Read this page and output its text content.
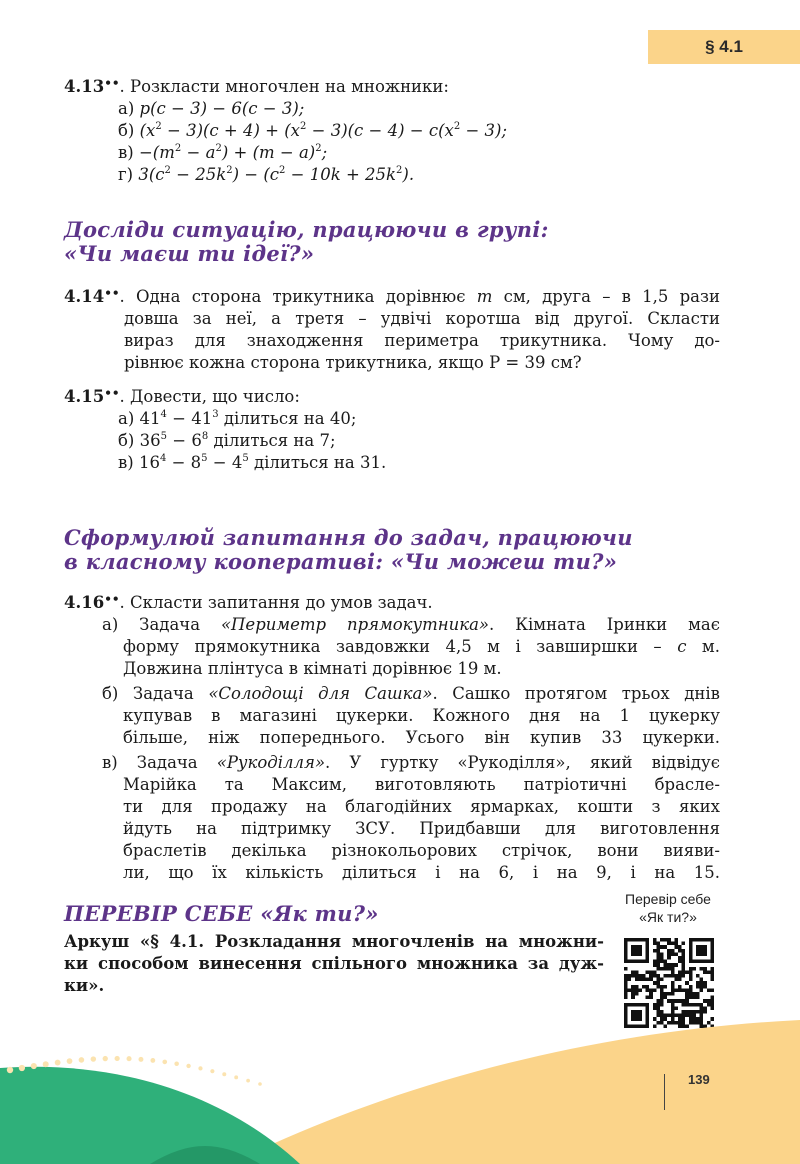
§ 4.1
4.13••. Розкласти многочлен на множники:
а) p(c − 3) − 6(c − 3);
б) $(x^2 - 3)(c + 4) + (x^2 - 3)(c - 4) - c(x^2 - 3)$;
$в) -(m^2 - a^2) + (m - a)^2$;
г) $3(c^2 - 25k^2) - (c^2 - 10k + 25k^2)$.
Досліди ситуацію, працюючи в групі:
«Чи маєш ти ідеї?»
4.14••. Одна сторона трикутника дорівнює m см, друга – в 1,5 рази
довша за неї, а третя – удвічі коротша від другої. Скласти
вираз для знаходження периметра трикутника. Чому до-
рівнює кожна сторона трикутника, якщо Р = 39 см?
4.15••. Довести, що число:
а) $41^4 - 41^3$ ділиться на 40;
б) $36^5 - 6^8$ ділиться на 7;
в) $16^4 - 8^5 - 4^5$ ділиться на 31.
Сформулюй запитання до задач, працюючи
в класному кооперативі: «Чи можеш ти?»
4.16••. Скласти запитання до умов задач.
а) Задача «Периметр прямокутника». Кімната Іринки має
форму прямокутника завдовжки 4,5 м і завширшки – с м.
Довжина плінтуса в кімнаті дорівнює 19 м.
б) Задача «Солодощі для Сашка». Сашко протягом трьох днів
купував в магазині цукерки. Кожного дня на 1 цукерку
більше, ніж попереднього. Усього він купив 33 цукерки.
в) Задача «Рукоділля». У гуртку «Рукоділля», який відвідує
Марійка та Максим, виготовляють патріотичні брасле-
ти для продажу на благодійних ярмарках, кошти з яких
йдуть на підтримку ЗСУ. Придбавши для виготовлення
браслетів декілька різнокольорових стрічок, вони вияви-
ли, що їх кількість ділиться і на 6, і на 9, і на 15.
ПЕРЕВІР СЕБЕ «Як ти?»
Аркуш «§ 4.1. Розкладання многочленів на множни-
ки способом винесення спільного множника за дуж-
ки».
Перевір себе
«Як ти?»
139
